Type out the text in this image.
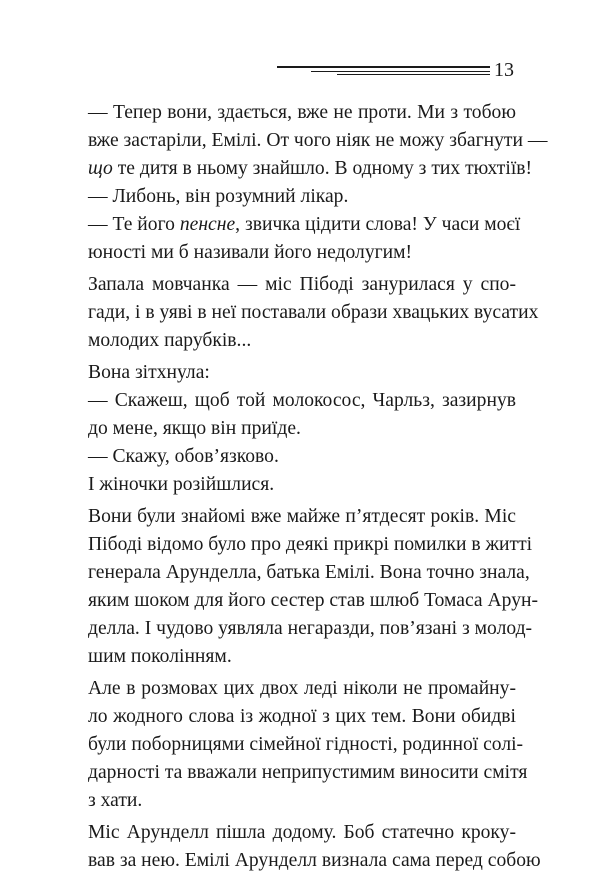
13
— Тепер вони, здається, вже не проти. Ми з тобою
вже застаріли, Емілі. От чого ніяк не можу збагнути —
що те дитя в ньому знайшло. В одному з тих тюхтіїв!
— Либонь, він розумний лікар.
— Те його пенсне, звичка цідити слова! У часи моєї
юності ми б називали його недолугим!
Запала мовчанка — міс Пібоді занурилася у спо-
гади, і в уяві в неї поставали образи хвацьких вусатих
молодих парубків...
Вона зітхнула:
— Скажеш, щоб той молокосос, Чарльз, зазирнув
до мене, якщо він приїде.
— Скажу, обов’язково.
І жіночки розійшлися.
Вони були знайомі вже майже п’ятдесят років. Міс
Пібоді відомо було про деякі прикрі помилки в житті
генерала Арунделла, батька Емілі. Вона точно знала,
яким шоком для його сестер став шлюб Томаса Арун-
делла. І чудово уявляла негаразди, пов’язані з молод-
шим поколінням.
Але в розмовах цих двох леді ніколи не промайну-
ло жодного слова із жодної з цих тем. Вони обидві
були поборницями сімейної гідності, родинної солі-
дарності та вважали неприпустимим виносити смітя
з хати.
Міс Арунделл пішла додому. Боб статечно кроку-
вав за нею. Емілі Арунделл визнала сама перед собою
